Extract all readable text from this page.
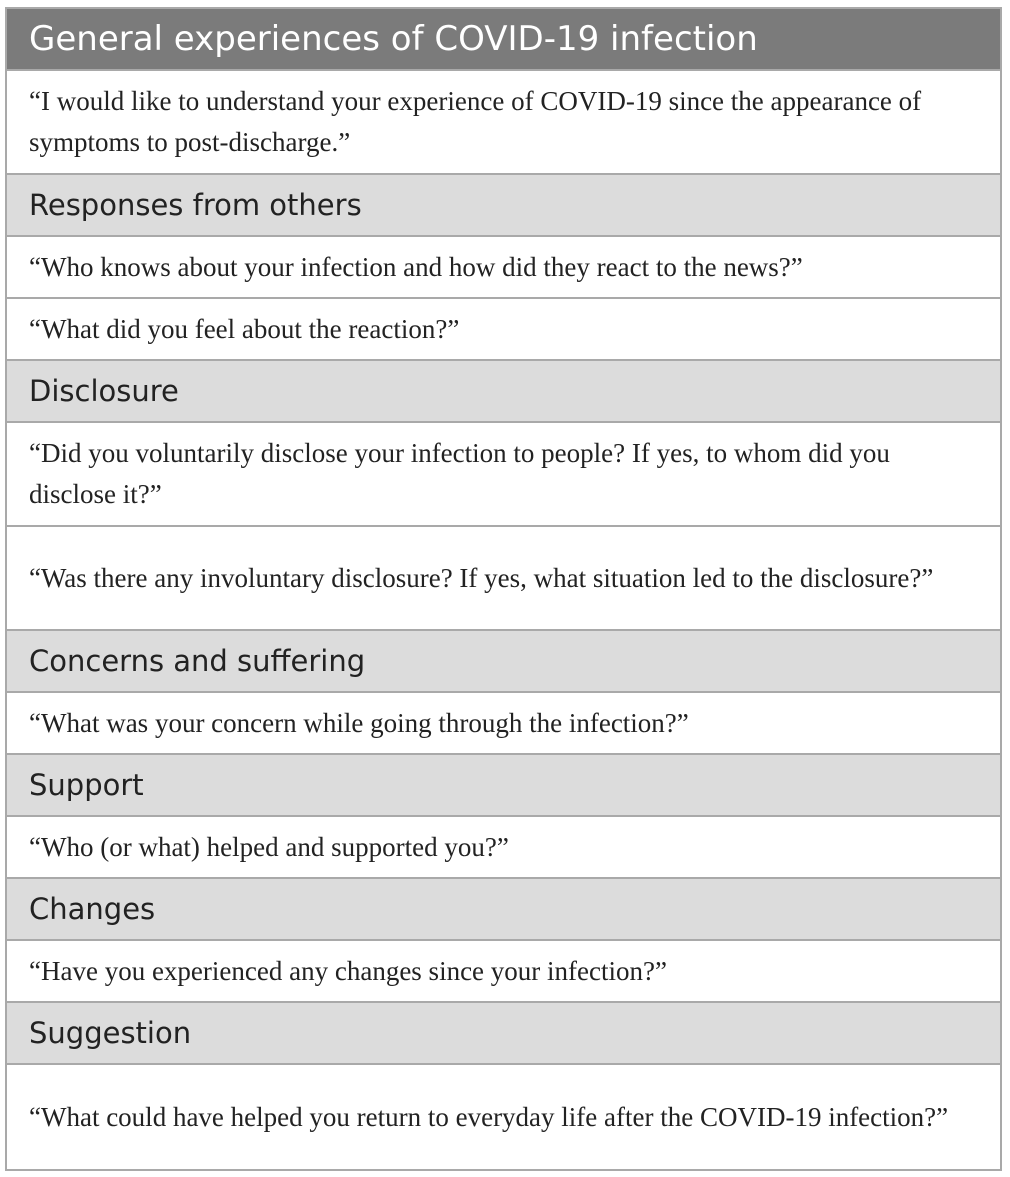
General experiences of COVID-19 infection
“I would like to understand your experience of COVID-19 since the appearance of symptoms to post-discharge.”
Responses from others
“Who knows about your infection and how did they react to the news?”
“What did you feel about the reaction?”
Disclosure
“Did you voluntarily disclose your infection to people? If yes, to whom did you disclose it?”
“Was there any involuntary disclosure? If yes, what situation led to the disclosure?”
Concerns and suffering
“What was your concern while going through the infection?”
Support
“Who (or what) helped and supported you?”
Changes
“Have you experienced any changes since your infection?”
Suggestion
“What could have helped you return to everyday life after the COVID-19 infection?”
